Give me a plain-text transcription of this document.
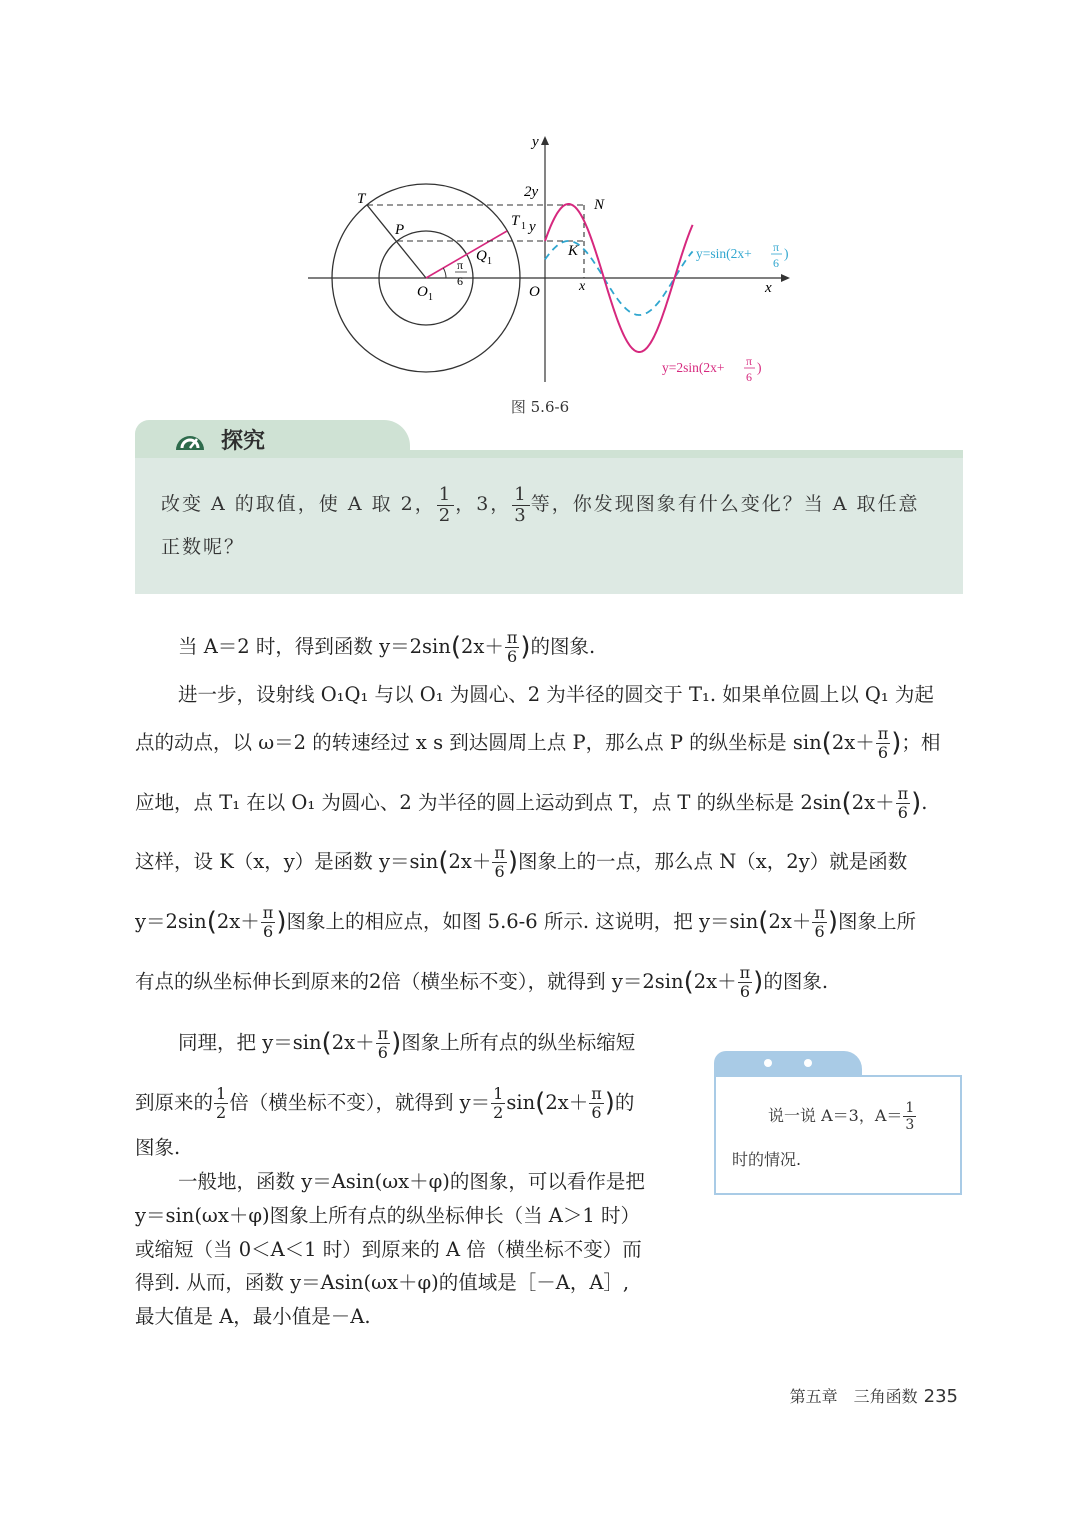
y
x
O	x
2y
y
T
P
T 1
Q 1
O 1
N
K
π
6
y=sin(2x+ π
6
)
y=2sin(2x+ π
6
)
图 5.6-6
探究
改变 A 的取值，使 A 取 2， $\frac{1}{2}$ ，3， $\frac{1}{3}$ 等，你发现图象有什么变化？当 A 取任意
正数呢？
当 A＝2 时，得到函数 $y=2\sin(2x+ \frac{\pi}{6}$ )的图象.
进一步，设射线 O₁Q₁ 与以 O₁ 为圆心、2 为半径的圆交于 T₁. 如果单位圆上以 Q₁ 为起
点的动点，以 ω＝2 的转速经过 x s 到达圆周上点 P，那么点 P 的纵坐标是 $\sin(2x+ \frac{\pi}{6}$ )；相
应地，点 T₁ 在以 O₁ 为圆心、2 为半径的圆上运动到点 T，点 T 的纵坐标是 $2\sin(2x+ \frac{\pi}{6}$ ).
这样，设 K（x，y）是函数 $y=\sin(2x+ \frac{\pi}{6}$ )图象上的一点，那么点 N（x，2y）就是函数
$y=2\sin(2x+ \frac{\pi}{6}$ )图象上的相应点，如图 5.6-6 所示. 这说明，把 $y=\sin(2x+ \frac{\pi}{6}$ )图象上所
有点的纵坐标伸长到原来的2倍（横坐标不变），就得到 $y=2\sin(2x+ \frac{\pi}{6}$ )的图象.
同理，把 $y=\sin(2x+ \frac{\pi}{6}$ )图象上所有点的纵坐标缩短
到原来的 $\frac{1}{2}$ 倍（横坐标不变），就得到 $y= \frac{1}{2} \sin(2x+ \frac{\pi}{6}$ )的
图象.
一般地，函数 y＝Asin(ωx＋φ)的图象，可以看作是把
y＝sin(ωx＋φ)图象上所有点的纵坐标伸长（当 A＞1 时）
或缩短（当 0＜A＜1 时）到原来的 A 倍（横坐标不变）而
得到. 从而，函数 y＝Asin(ωx＋φ)的值域是［－A，A］,
最大值是 A，最小值是－A.
说一说 A＝3，$A= \frac{1}{3}$
时的情况.
第五章　三角函数 235
